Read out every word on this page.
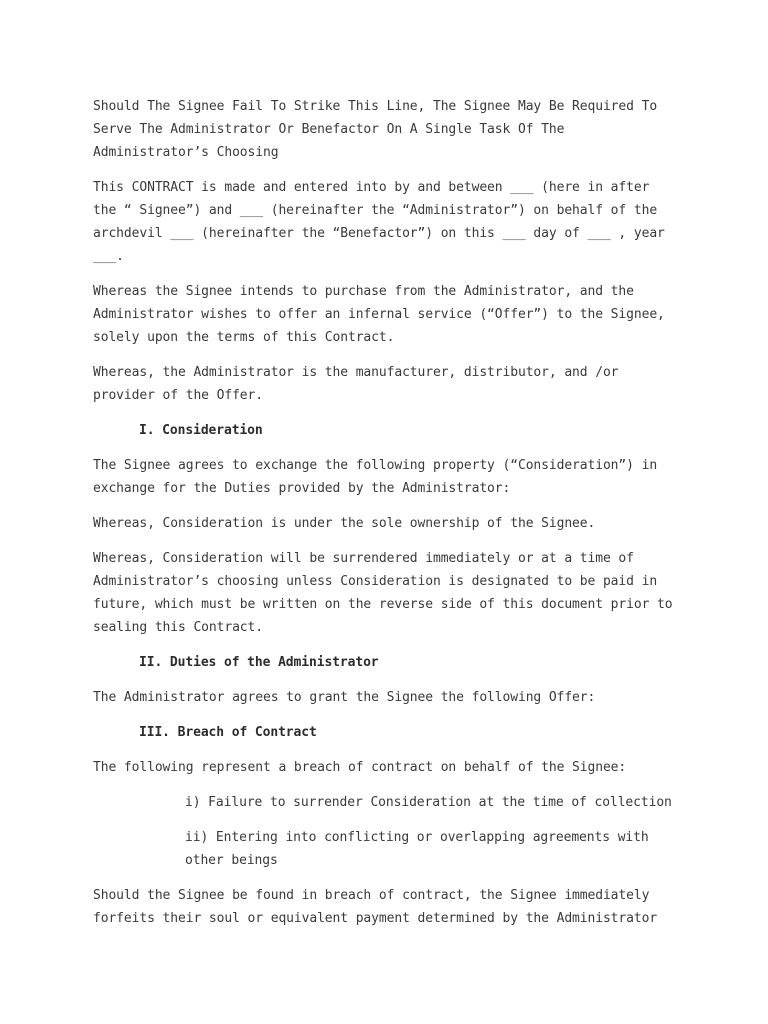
Should The Signee Fail To Strike This Line, The Signee May Be Required To Serve The Administrator Or Benefactor On A Single Task Of The Administrator’s Choosing

This CONTRACT is made and entered into by and between ___ (here in after the “ Signee”) and ___ (hereinafter the “Administrator”) on behalf of the archdevil ___ (hereinafter the “Benefactor”) on this ___ day of ___ , year ___.

Whereas the Signee intends to purchase from the Administrator, and the Administrator wishes to offer an infernal service (“Offer”) to the Signee, solely upon the terms of this Contract.

Whereas, the Administrator is the manufacturer, distributor, and /or provider of the Offer.

I. Consideration

The Signee agrees to exchange the following property (“Consideration”) in exchange for the Duties provided by the Administrator:

Whereas, Consideration is under the sole ownership of the Signee.

Whereas, Consideration will be surrendered immediately or at a time of Administrator’s choosing unless Consideration is designated to be paid in future, which must be written on the reverse side of this document prior to sealing this Contract.

II. Duties of the Administrator

The Administrator agrees to grant the Signee the following Offer:

III. Breach of Contract

The following represent a breach of contract on behalf of the Signee:

i) Failure to surrender Consideration at the time of collection

ii) Entering into conflicting or overlapping agreements with other beings

Should the Signee be found in breach of contract, the Signee immediately forfeits their soul or equivalent payment determined by the Administrator
